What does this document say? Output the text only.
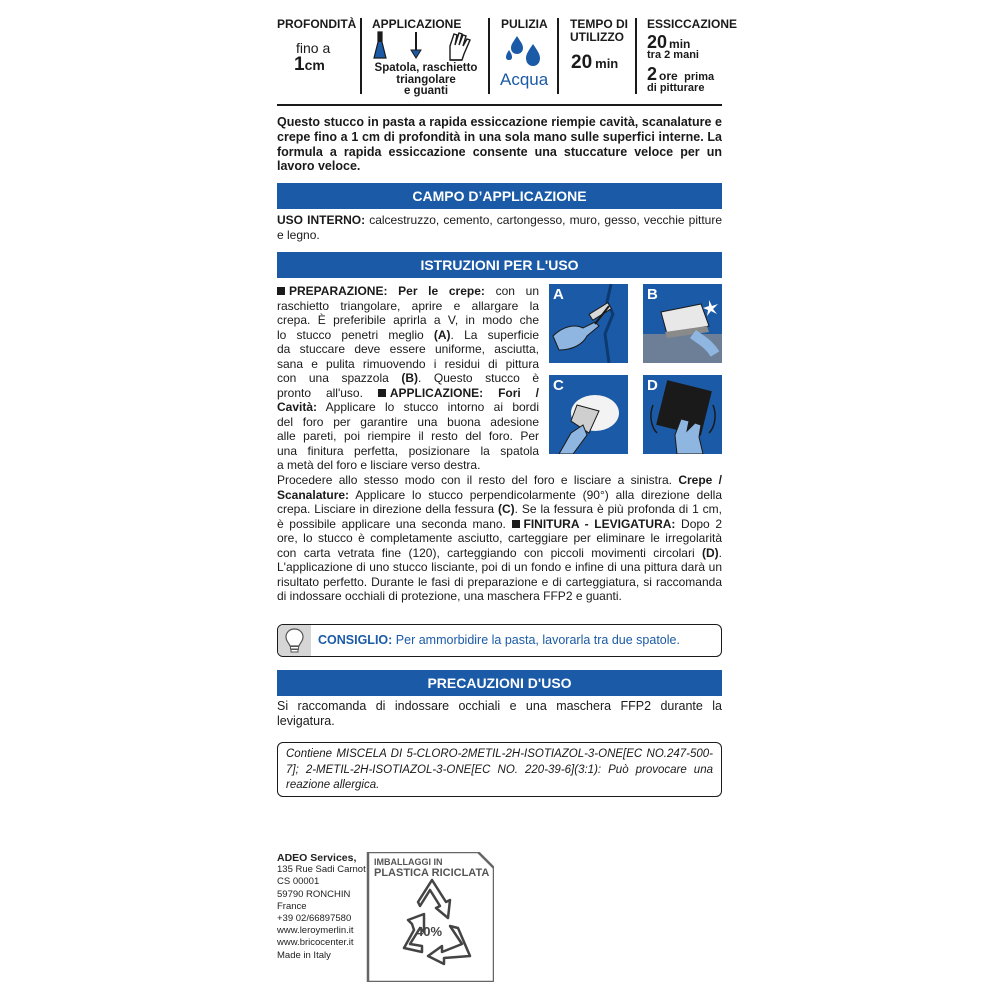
PROFONDITÀ
fino a
1cm
APPLICAZIONE
Spatola, raschietto
triangolare
e guanti
PULIZIA
Acqua
TEMPO DI
UTILIZZO
20 min
ESSICCAZIONE
20 min
tra 2 mani
2 ore prima
di pitturare
Questo stucco in pasta a rapida essiccazione riempie cavità, scanalature e crepe fino a 1 cm di profondità in una sola mano sulle superfici interne. La formula a rapida essiccazione consente una stuccature veloce per un lavoro veloce.
CAMPO D’APPLICAZIONE
USO INTERNO: calcestruzzo, cemento, cartongesso, muro, gesso, vecchie pitture e legno.
ISTRUZIONI PER L'USO
PREPARAZIONE: Per le crepe: con un
raschietto triangolare, aprire e allargare la
crepa. È preferibile aprirla a V, in modo che
lo stucco penetri meglio (A). La superficie
da stuccare deve essere uniforme, asciutta,
sana e pulita rimuovendo i residui di pittura
con una spazzola (B). Questo stucco è
pronto all'uso. APPLICAZIONE: Fori /
Cavità: Applicare lo stucco intorno ai bordi
del foro per garantire una buona adesione
alle pareti, poi riempire il resto del foro. Per
una finitura perfetta, posizionare la spatola
a metà del foro e lisciare verso destra.
A	B
C	D
Procedere allo stesso modo con il resto del foro e lisciare a sinistra. Crepe / Scanalature: Applicare lo stucco perpendicolarmente (90°) alla direzione della crepa. Lisciare in direzione della fessura (C). Se la fessura è più profonda di 1 cm, è possibile applicare una seconda mano. FINITURA - LEVIGATURA: Dopo 2 ore, lo stucco è completamente asciutto, carteggiare per eliminare le irregolarità con carta vetrata fine (120), carteggiando con piccoli movimenti circolari (D). L'applicazione di uno stucco lisciante, poi di un fondo e infine di una pittura darà un risultato perfetto. Durante le fasi di preparazione e di carteggiatura, si raccomanda di indossare occhiali di protezione, una maschera FFP2 e guanti.
CONSIGLIO: Per ammorbidire la pasta, lavorarla tra due spatole.
PRECAUZIONI D'USO
Si raccomanda di indossare occhiali e una maschera FFP2 durante la levigatura.
Contiene MISCELA DI 5-CLORO-2METIL-2H-ISOTIAZOL-3-ONE[EC NO.247-500-7]; 2-METIL-2H-ISOTIAZOL-3-ONE[EC NO. 220-39-6](3:1): Può provocare una reazione allergica.
ADEO Services,
135 Rue Sadi Carnot
CS 00001
59790 RONCHIN
France
+39 02/66897580
www.leroymerlin.it
www.bricocenter.it
Made in Italy
IMBALLAGGI IN
PLASTICA RICICLATA
40%
